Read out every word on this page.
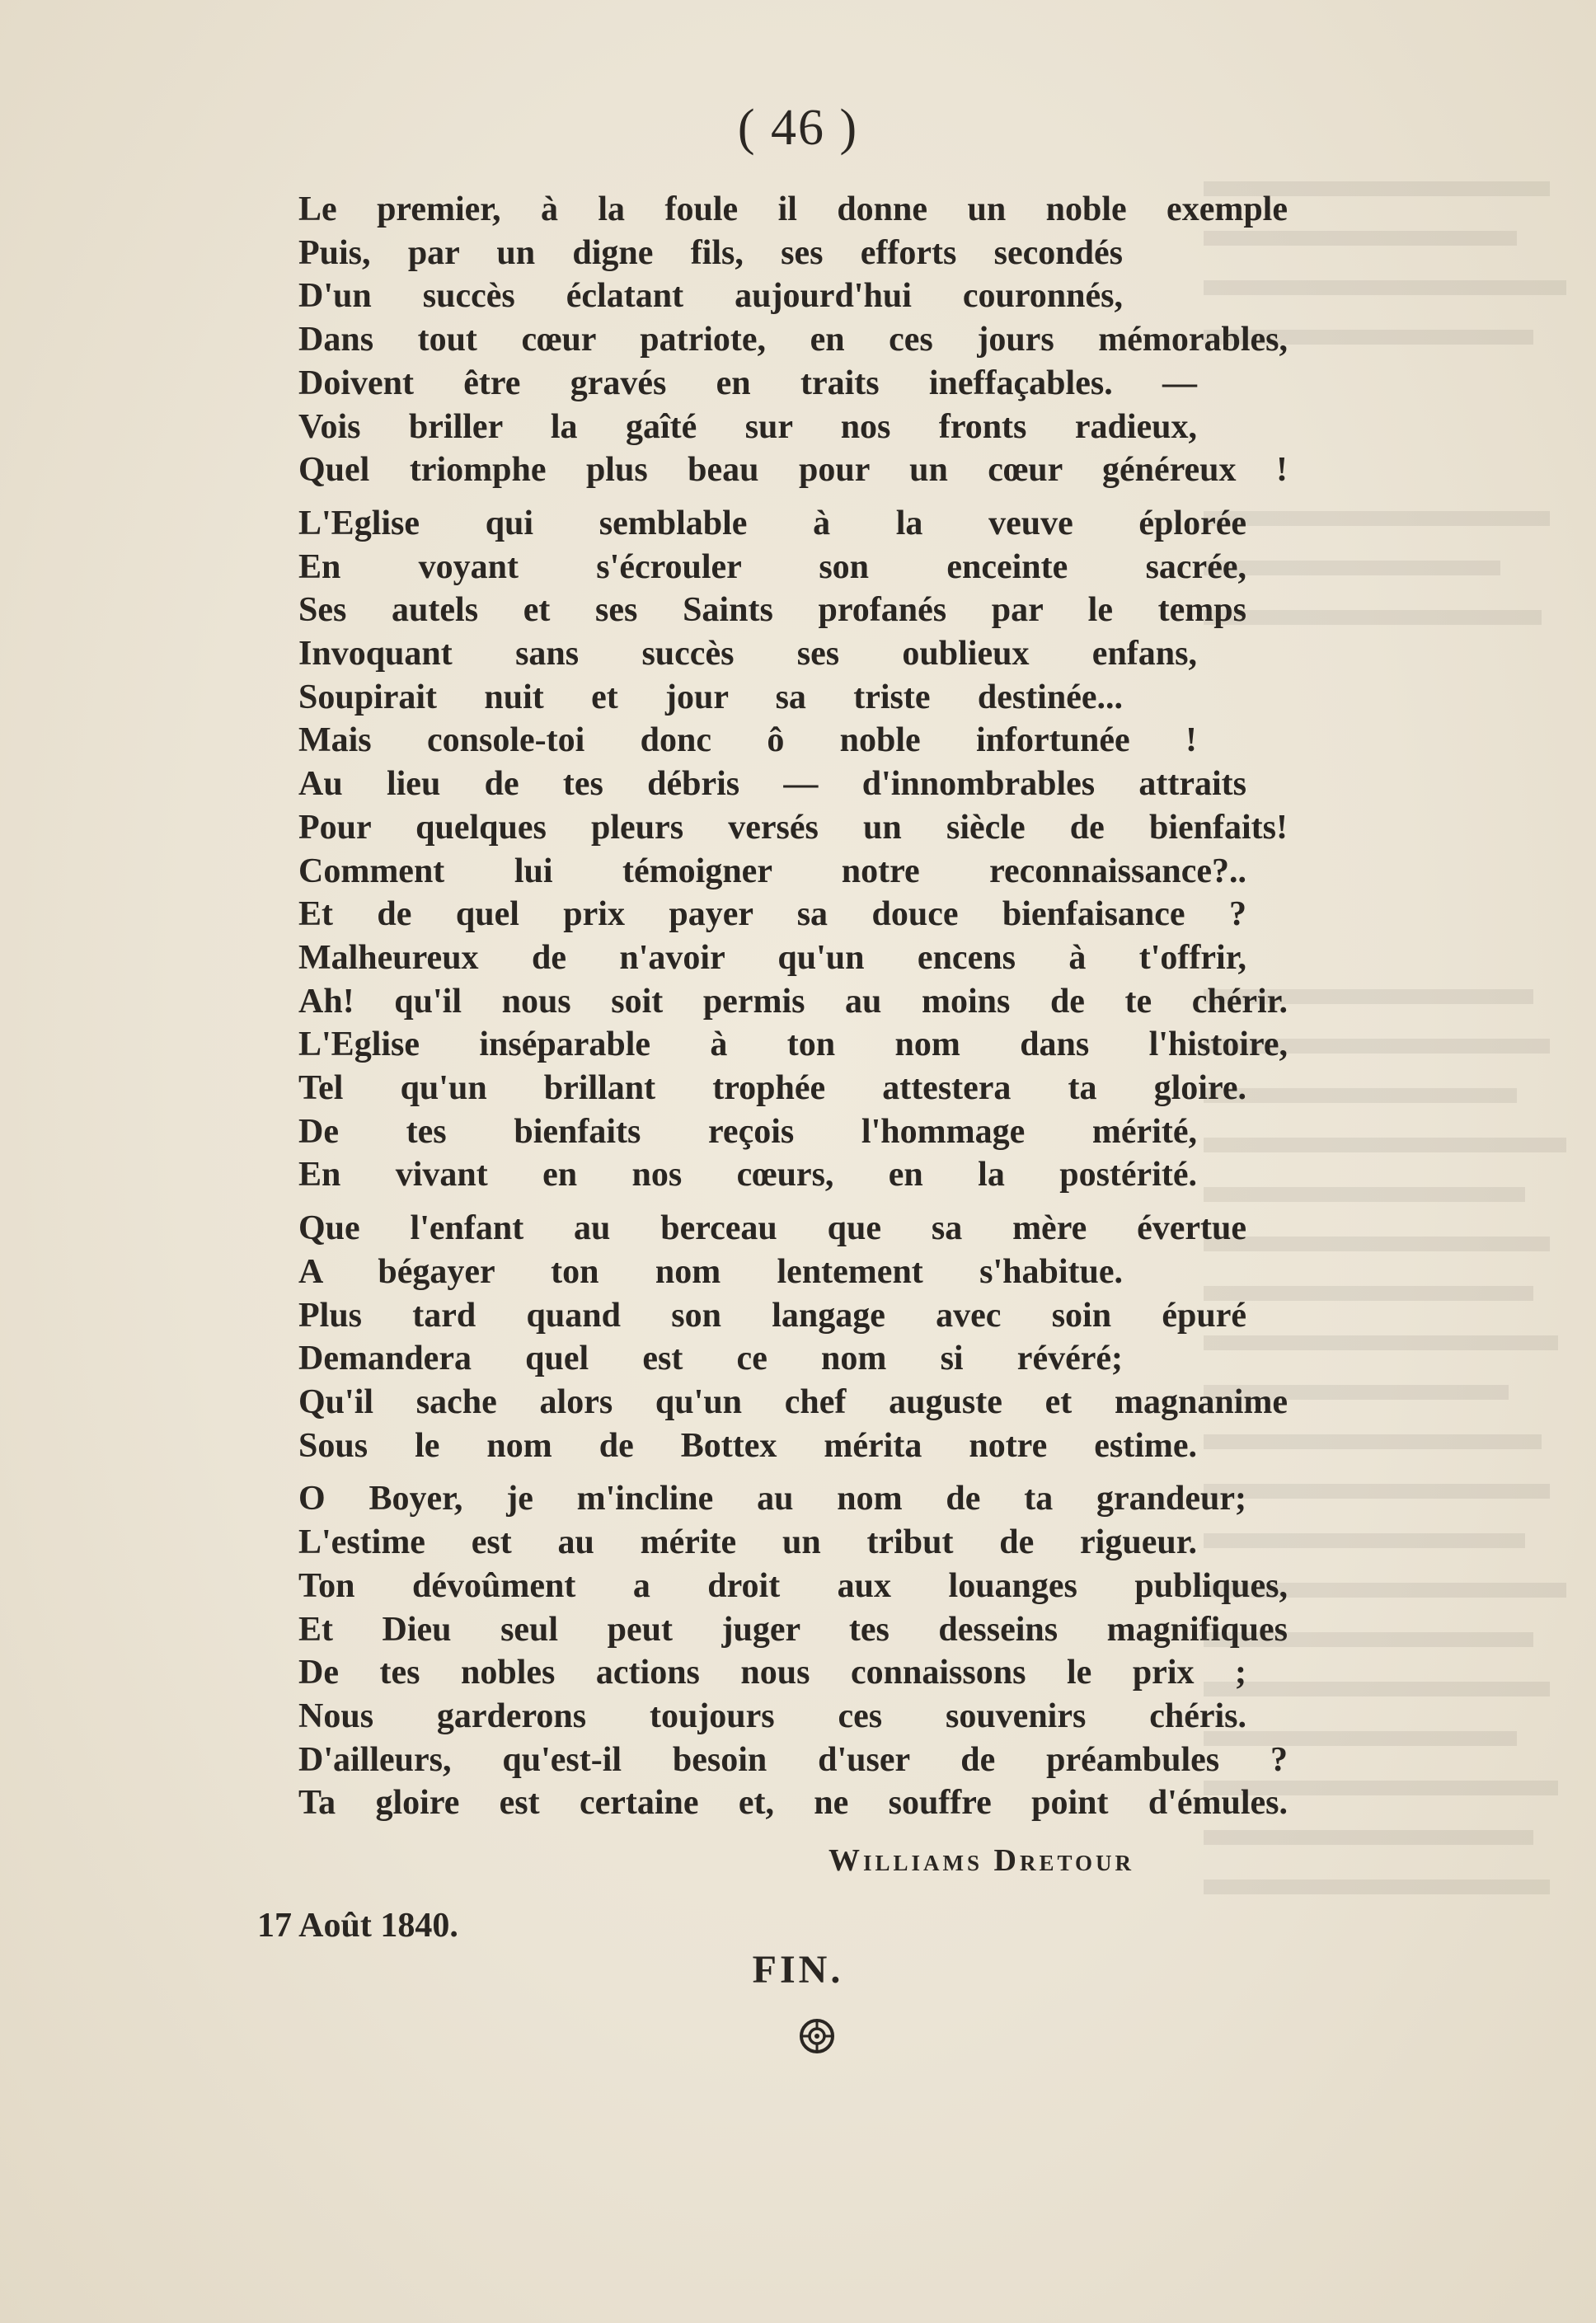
( 46 )
Le premier, à la foule il donne un noble exemple
Puis, par un digne fils, ses efforts secondés
D'un succès éclatant aujourd'hui couronnés,
Dans tout cœur patriote, en ces jours mémorables,
Doivent être gravés en traits ineffaçables. —
Vois briller la gaîté sur nos fronts radieux,
Quel triomphe plus beau pour un cœur généreux !
L'Eglise qui semblable à la veuve éplorée
En voyant s'écrouler son enceinte sacrée,
Ses autels et ses Saints profanés par le temps
Invoquant sans succès ses oublieux enfans,
Soupirait nuit et jour sa triste destinée...
Mais console-toi donc ô noble infortunée !
Au lieu de tes débris — d'innombrables attraits
Pour quelques pleurs versés un siècle de bienfaits!
Comment lui témoigner notre reconnaissance?..
Et de quel prix payer sa douce bienfaisance ?
Malheureux de n'avoir qu'un encens à t'offrir,
Ah! qu'il nous soit permis au moins de te chérir.
L'Eglise inséparable à ton nom dans l'histoire,
Tel qu'un brillant trophée attestera ta gloire.
De tes bienfaits reçois l'hommage mérité,
En vivant en nos cœurs, en la postérité.
Que l'enfant au berceau que sa mère évertue
A bégayer ton nom lentement s'habitue.
Plus tard quand son langage avec soin épuré
Demandera quel est ce nom si révéré;
Qu'il sache alors qu'un chef auguste et magnanime
Sous le nom de Bottex mérita notre estime.
O Boyer, je m'incline au nom de ta grandeur;
L'estime est au mérite un tribut de rigueur.
Ton dévoûment a droit aux louanges publiques,
Et Dieu seul peut juger tes desseins magnifiques
De tes nobles actions nous connaissons le prix ;
Nous garderons toujours ces souvenirs chéris.
D'ailleurs, qu'est-il besoin d'user de préambules ?
Ta gloire est certaine et, ne souffre point d'émules.
Williams Dretour
17 Août 1840.
FIN.
